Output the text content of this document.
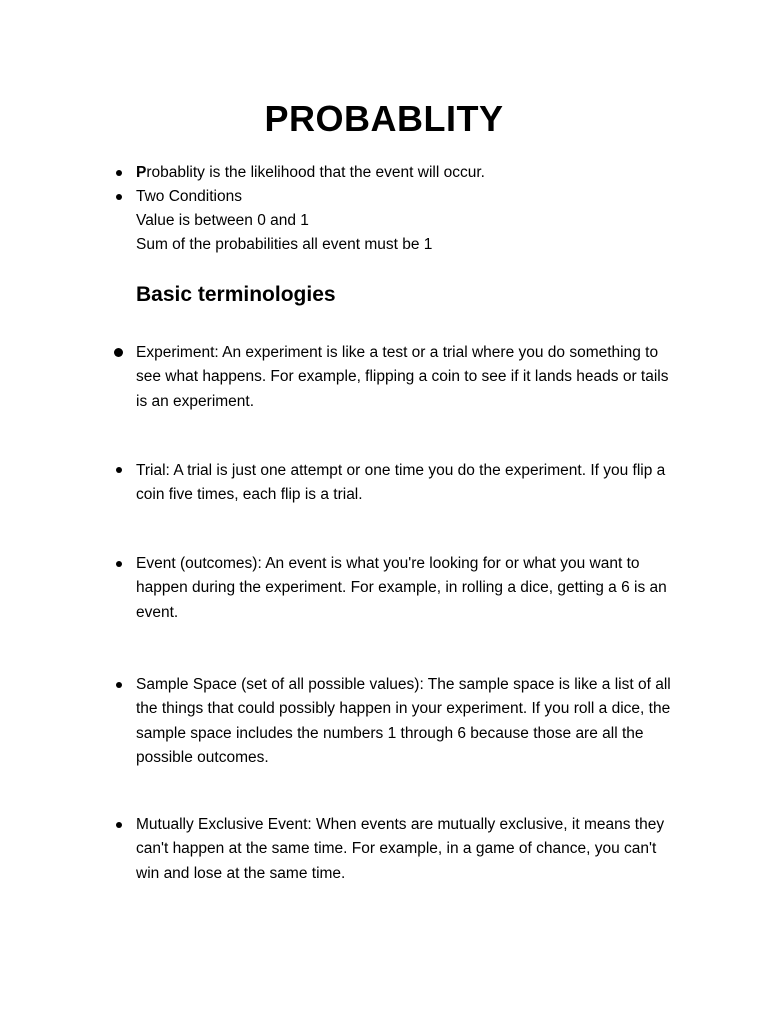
PROBABLITY
Probablity is the likelihood that the event will occur.
Two Conditions
Value is between 0 and 1
Sum of the probabilities all event must be 1
Basic terminologies
Experiment: An experiment is like a test or a trial where you do something to see what happens. For example, flipping a coin to see if it lands heads or tails is an experiment.
Trial: A trial is just one attempt or one time you do the experiment. If you flip a coin five times, each flip is a trial.
Event (outcomes): An event is what you're looking for or what you want to happen during the experiment. For example, in rolling a dice, getting a 6 is an event.
Sample Space (set of all possible values): The sample space is like a list of all the things that could possibly happen in your experiment. If you roll a dice, the sample space includes the numbers 1 through 6 because those are all the possible outcomes.
Mutually Exclusive Event: When events are mutually exclusive, it means they can't happen at the same time. For example, in a game of chance, you can't win and lose at the same time.
